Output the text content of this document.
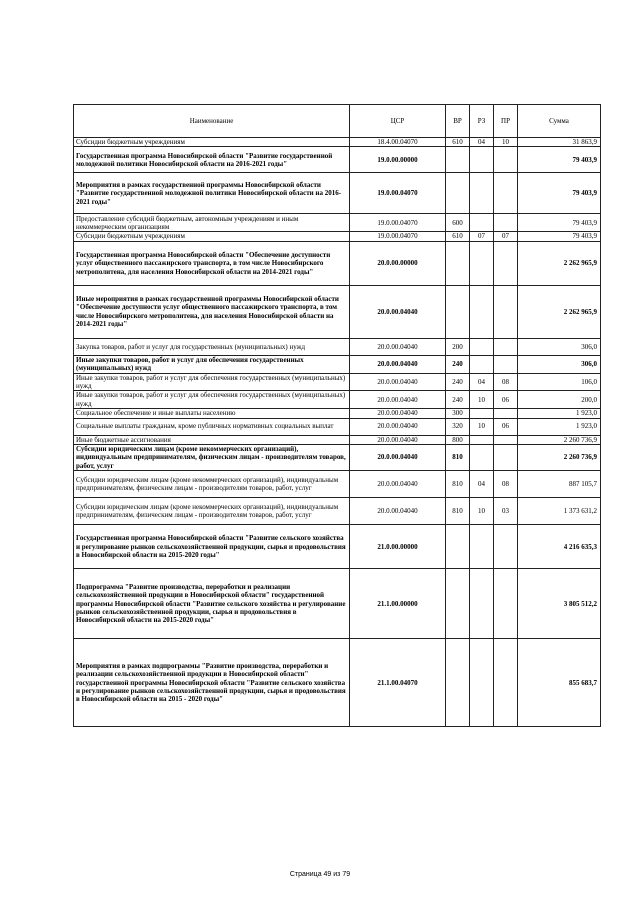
Наименование	ЦСР	ВР	РЗ	ПР	Сумма
Субсидии бюджетным учреждениям	18.4.00.04070	610	04	10	31 863,9
Государственная программа Новосибирской области "Развитие государственной молодежной политики Новосибирской области на 2016-2021 годы"	19.0.00.00000				79 403,9
Мероприятия в рамках государственной программы Новосибирской области "Развитие государственной молодежной политики Новосибирской области на 2016-2021 годы"	19.0.00.04070				79 403,9
Предоставление субсидий бюджетным, автономным учреждениям и иным некоммерческим организациям	19.0.00.04070	600			79 403,9
Субсидии бюджетным учреждениям	19.0.00.04070	610	07	07	79 403,9
Государственная программа Новосибирской области "Обеспечение доступности услуг общественного пассажирского транспорта, в том числе Новосибирского метрополитена, для населения Новосибирской области на 2014-2021 годы"	20.0.00.00000				2 262 965,9
Иные мероприятия в рамках государственной программы Новосибирской области "Обеспечение доступности услуг общественного пассажирского транспорта, в том числе Новосибирского метрополитена, для населения Новосибирской области на 2014-2021 годы"	20.0.00.04040				2 262 965,9
Закупка товаров, работ и услуг для государственных (муниципальных) нужд	20.0.00.04040	200			306,0
Иные закупки товаров, работ и услуг для обеспечения государственных (муниципальных) нужд	20.0.00.04040	240			306,0
Иные закупки товаров, работ и услуг для обеспечения государственных (муниципальных) нужд	20.0.00.04040	240	04	08	106,0
Иные закупки товаров, работ и услуг для обеспечения государственных (муниципальных) нужд	20.0.00.04040	240	10	06	200,0
Социальное обеспечение и иные выплаты населению	20.0.00.04040	300			1 923,0
Социальные выплаты гражданам, кроме публичных нормативных социальных выплат	20.0.00.04040	320	10	06	1 923,0
Иные бюджетные ассигнования	20.0.00.04040	800			2 260 736,9
Субсидии юридическим лицам (кроме некоммерческих организаций), индивидуальным предпринимателям, физическим лицам - производителям товаров, работ, услуг	20.0.00.04040	810			2 260 736,9
Субсидии юридическим лицам (кроме некоммерческих организаций), индивидуальным предпринимателям, физическим лицам - производителям товаров, работ, услуг	20.0.00.04040	810	04	08	887 105,7
Субсидии юридическим лицам (кроме некоммерческих организаций), индивидуальным предпринимателям, физическим лицам - производителям товаров, работ, услуг	20.0.00.04040	810	10	03	1 373 631,2
Государственная программа Новосибирской области "Развитие сельского хозяйства и регулирование рынков сельскохозяйственной продукции, сырья и продовольствия в Новосибирской области на 2015-2020 годы"	21.0.00.00000				4 216 635,3
Подпрограмма "Развитие производства, переработки и реализации сельскохозяйственной продукции в Новосибирской области" государственной программы Новосибирской области "Развитие сельского хозяйства и регулирование рынков сельскохозяйственной продукции, сырья и продовольствия в Новосибирской области на 2015-2020 годы"	21.1.00.00000				3 805 512,2
Мероприятия в рамках подпрограммы "Развитие производства, переработки и реализации сельскохозяйственной продукции в Новосибирской области" государственной программы Новосибирской области "Развитие сельского хозяйства и регулирование рынков сельскохозяйственной продукции, сырья и продовольствия в Новосибирской области на 2015 - 2020 годы"	21.1.00.04070				855 683,7
Страница 49 из 79
